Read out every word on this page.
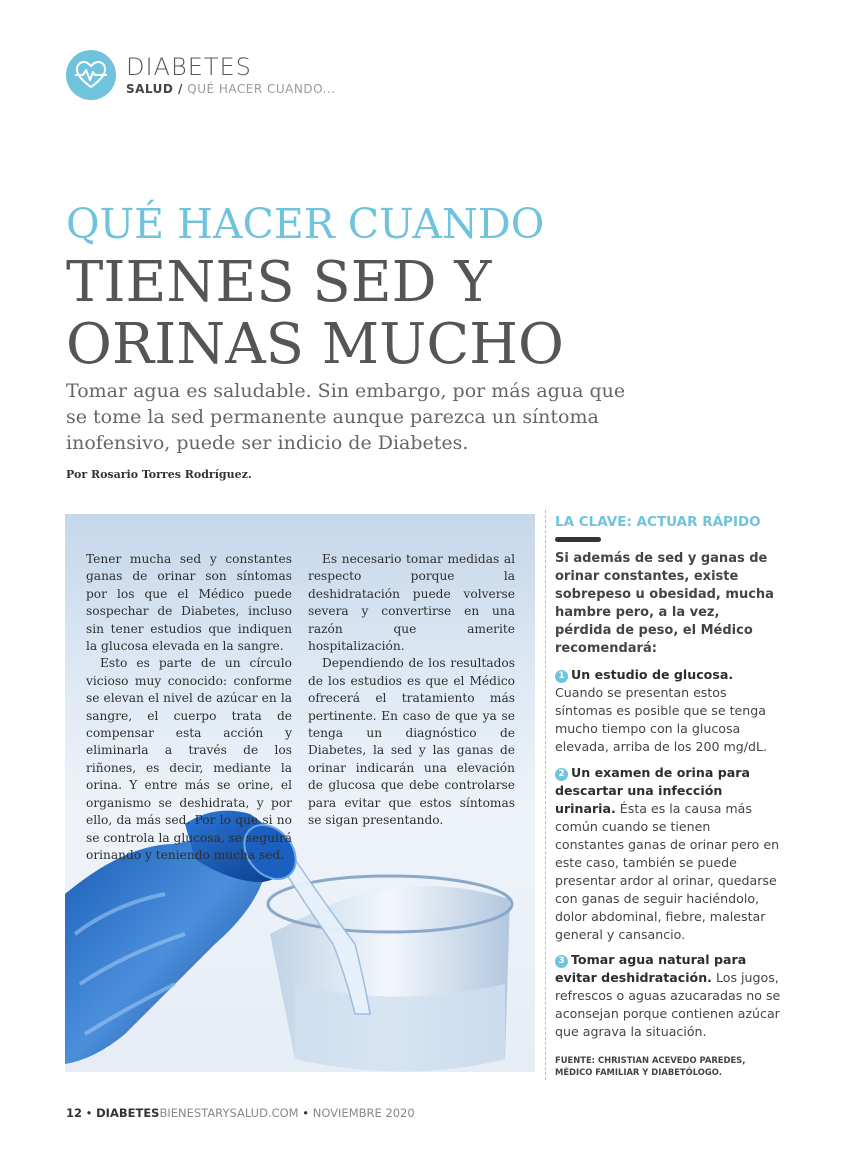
DIABETES
SALUD / QUÉ HACER CUANDO...
QUÉ HACER CUANDO
TIENES SED Y
ORINAS MUCHO
Tomar agua es saludable. Sin embargo, por más agua que se tome la sed permanente aunque parezca un síntoma inofensivo, puede ser indicio de Diabetes.
Por Rosario Torres Rodríguez.

Tener mucha sed y constantes ganas de orinar son síntomas por los que el Médico puede sospechar de Diabetes, incluso sin tener estudios que indiquen la glucosa elevada en la sangre.

Esto es parte de un círculo vicioso muy conocido: conforme se elevan el nivel de azúcar en la sangre, el cuerpo trata de compensar esta acción y eliminarla a través de los riñones, es decir, mediante la orina. Y entre más se orine, el organismo se deshidrata, y por ello, da más sed. Por lo que si no se controla la glucosa, se seguirá orinando y teniendo mucha sed.

Es necesario tomar medidas al respecto porque la deshidratación puede volverse severa y convertirse en una razón que amerite hospitalización.

Dependiendo de los resultados de los estudios es que el Médico ofrecerá el tratamiento más pertinente. En caso de que ya se tenga un diagnóstico de Diabetes, la sed y las ganas de orinar indicarán una elevación de glucosa que debe controlarse para evitar que estos síntomas se sigan presentando.

LA CLAVE: ACTUAR RÁPIDO
Si además de sed y ganas de orinar constantes, existe sobrepeso u obesidad, mucha hambre pero, a la vez, pérdida de peso, el Médico recomendará:
1 Un estudio de glucosa. Cuando se presentan estos síntomas es posible que se tenga mucho tiempo con la glucosa elevada, arriba de los 200 mg/dL.
2 Un examen de orina para descartar una infección urinaria. Ésta es la causa más común cuando se tienen constantes ganas de orinar pero en este caso, también se puede presentar ardor al orinar, quedarse con ganas de seguir haciéndolo, dolor abdominal, fiebre, malestar general y cansancio.
3 Tomar agua natural para evitar deshidratación. Los jugos, refrescos o aguas azucaradas no se aconsejan porque contienen azúcar que agrava la situación.
FUENTE: CHRISTIAN ACEVEDO PAREDES,
MÉDICO FAMILIAR Y DIABETÓLOGO.
12 • DIABETESBIENESTARYSALUD.COM • NOVIEMBRE 2020
